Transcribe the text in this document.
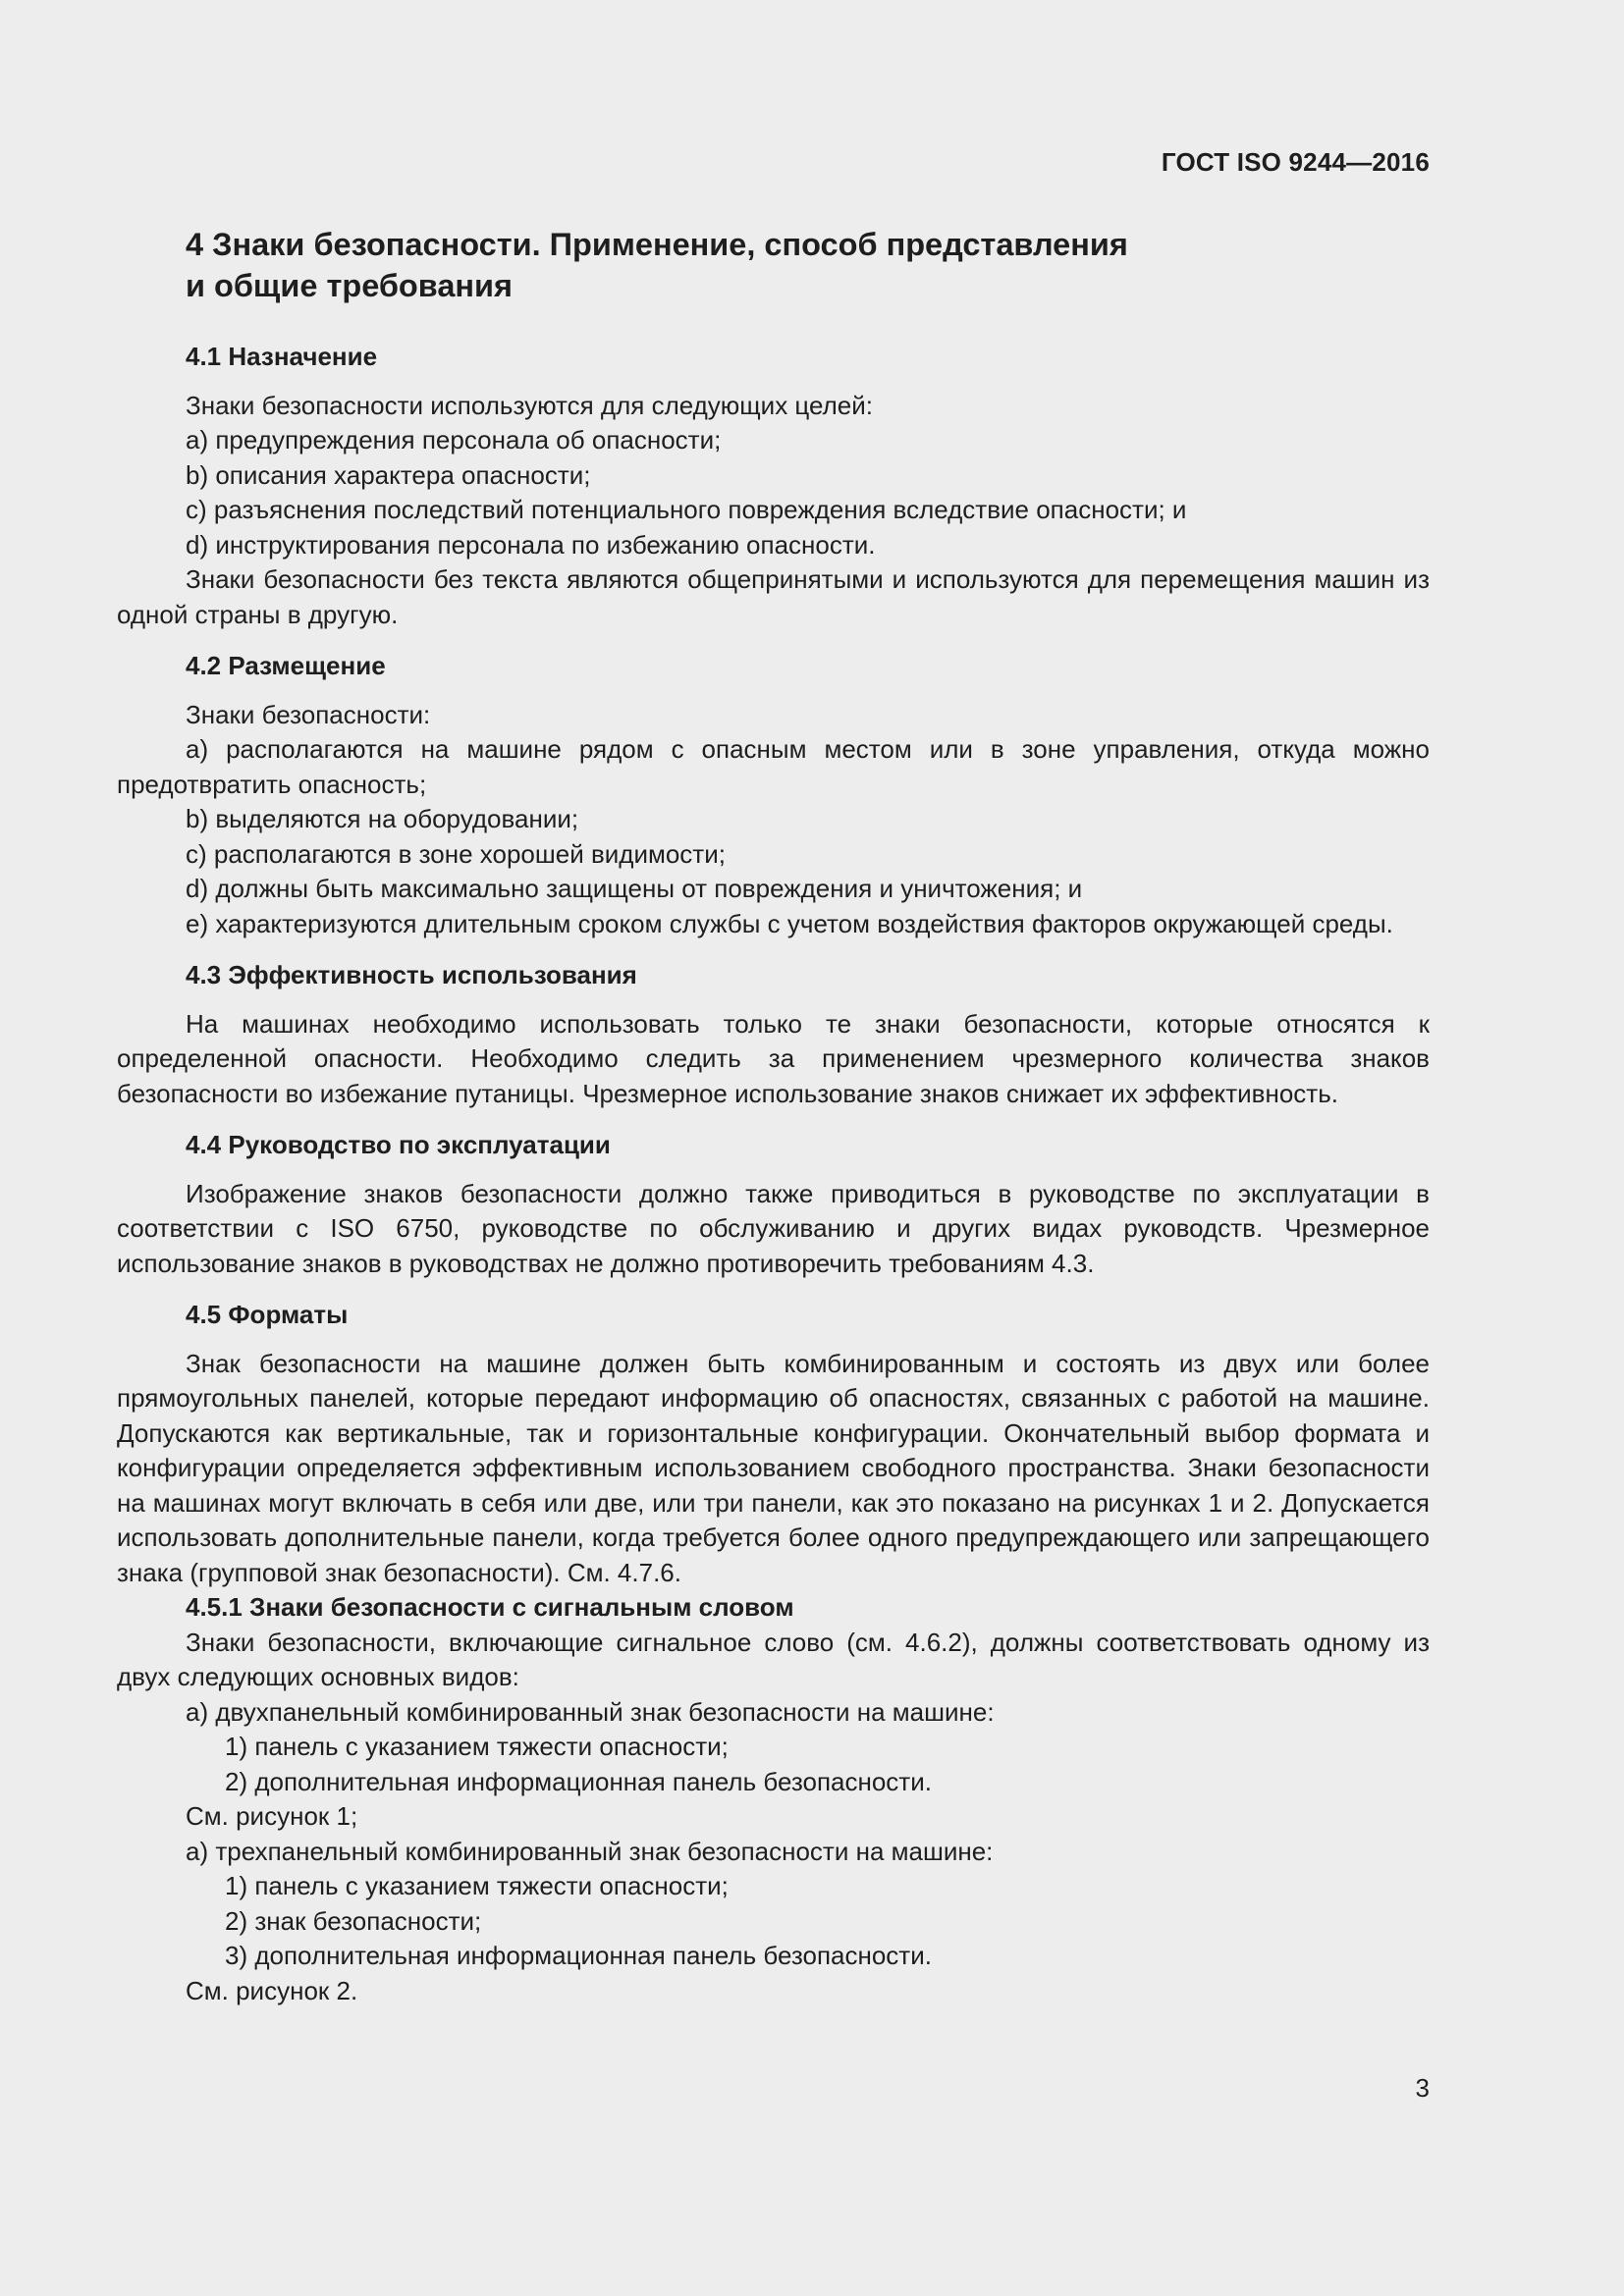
ГОСТ ISO 9244—2016
4 Знаки безопасности. Применение, способ представления
и общие требования
4.1 Назначение
Знаки безопасности используются для следующих целей:
a) предупреждения персонала об опасности;
b) описания характера опасности;
c) разъяснения последствий потенциального повреждения вследствие опасности; и
d) инструктирования персонала по избежанию опасности.

Знаки безопасности без текста являются общепринятыми и используются для перемещения машин из одной страны в другую.

4.2 Размещение
Знаки безопасности:

a) располагаются на машине рядом с опасным местом или в зоне управления, откуда можно предотвратить опасность;

b) выделяются на оборудовании;
c) располагаются в зоне хорошей видимости;
d) должны быть максимально защищены от повреждения и уничтожения; и

e) характеризуются длительным сроком службы с учетом воздействия факторов окружающей среды.

4.3 Эффективность использования

На машинах необходимо использовать только те знаки безопасности, которые относятся к определенной опасности. Необходимо следить за применением чрезмерного количества знаков безопасности во избежание путаницы. Чрезмерное использование знаков снижает их эффективность.

4.4 Руководство по эксплуатации

Изображение знаков безопасности должно также приводиться в руководстве по эксплуатации в соответствии с ISO 6750, руководстве по обслуживанию и других видах руководств. Чрезмерное использование знаков в руководствах не должно противоречить требованиям 4.3.

4.5 Форматы

Знак безопасности на машине должен быть комбинированным и состоять из двух или более прямоугольных панелей, которые передают информацию об опасностях, связанных с работой на машине. Допускаются как вертикальные, так и горизонтальные конфигурации. Окончательный выбор формата и конфигурации определяется эффективным использованием свободного пространства. Знаки безопасности на машинах могут включать в себя или две, или три панели, как это показано на рисунках 1 и 2. Допускается использовать дополнительные панели, когда требуется более одного предупреждающего или запрещающего знака (групповой знак безопасности). См. 4.7.6.

4.5.1 Знаки безопасности с сигнальным словом

Знаки безопасности, включающие сигнальное слово (см. 4.6.2), должны соответствовать одному из двух следующих основных видов:

a) двухпанельный комбинированный знак безопасности на машине:
1) панель с указанием тяжести опасности;
2) дополнительная информационная панель безопасности.
См. рисунок 1;
a) трехпанельный комбинированный знак безопасности на машине:
1) панель с указанием тяжести опасности;
2) знак безопасности;
3) дополнительная информационная панель безопасности.
См. рисунок 2.
3
